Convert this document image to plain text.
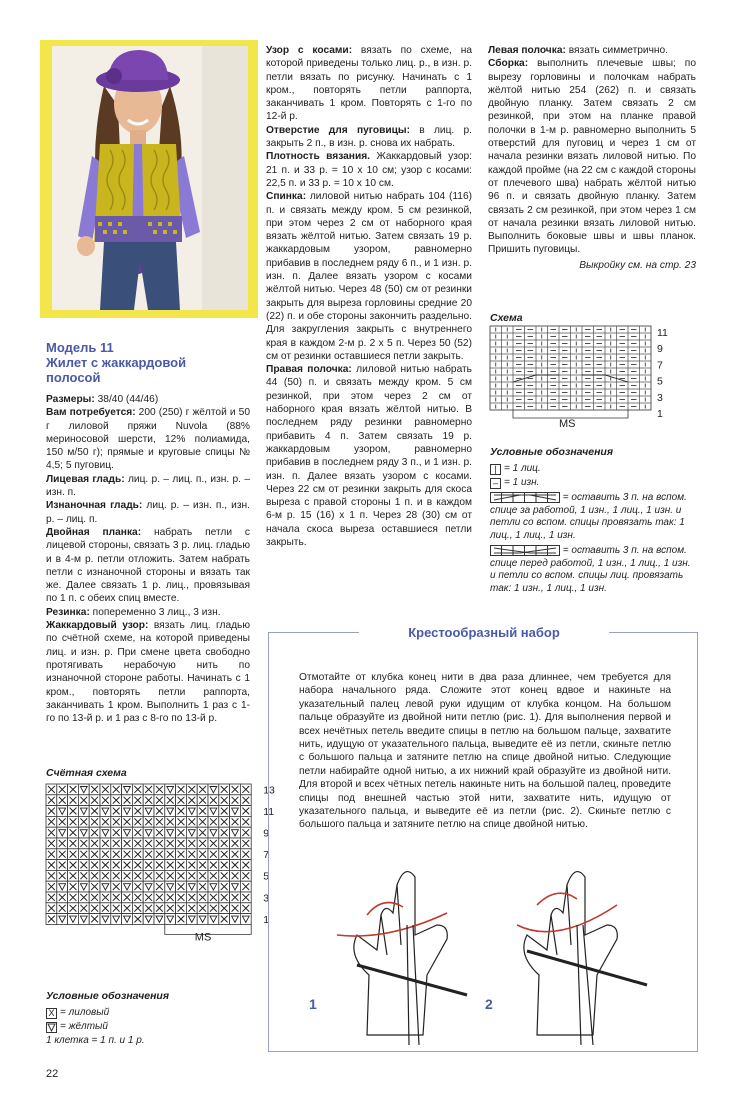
Модель 11
Жилет с жаккардовой
полосой

Размеры: 38/40 (44/46)

Вам потребуется: 200 (250) г жёлтой и 50 г лиловой пряжи Nuvola (88% мериносовой шерсти, 12% полиамида, 150 м/50 г); прямые и круговые спицы № 4,5; 5 пуговиц.

Лицевая гладь: лиц. р. – лиц. п., изн. р. – изн. п.

Изнаночная гладь: лиц. р. – изн. п., изн. р. – лиц. п.

Двойная планка: набрать петли с лицевой стороны, связать 3 р. лиц. гладью и в 4-м р. петли отложить. Затем набрать петли с изнаночной стороны и вязать так же. Далее связать 1 р. лиц., провязывая по 1 п. с обеих спиц вместе.

Резинка: попеременно 3 лиц., 3 изн.

Жаккардовый узор: вязать лиц. гладью по счётной схеме, на которой приведены лиц. и изн. р. При смене цвета свободно протягивать нерабочую нить по изнаночной стороне работы. Начинать с 1 кром., повторять петли раппорта, заканчивать 1 кром. Выполнить 1 раз с 1-го по 13-й р. и 1 раз с 8-го по 13-й р.

Счётная схема
13
11
9
7
5
3
1
MS
Условные обозначения
X = лиловый
= жёлтый
1 клетка = 1 п. и 1 р.
22

Узор с косами: вязать по схеме, на которой приведены только лиц. р., в изн. р. петли вязать по рисунку. Начинать с 1 кром., повторять петли раппорта, заканчивать 1 кром. Повторять с 1-го по 12-й р.

Отверстие для пуговицы: в лиц. р. закрыть 2 п., в изн. р. снова их набрать.

Плотность вязания. Жаккардовый узор: 21 п. и 33 р. = 10 х 10 см; узор с косами: 22,5 п. и 33 р. = 10 х 10 см.

Спинка: лиловой нитью набрать 104 (116) п. и связать между кром. 5 см резинкой, при этом через 2 см от наборного края вязать жёлтой нитью. Затем связать 19 р. жаккардовым узором, равномерно прибавив в последнем ряду 6 п., и 1 изн. р. изн. п. Далее вязать узором с косами жёлтой нитью. Через 48 (50) см от резинки закрыть для выреза горловины средние 20 (22) п. и обе стороны закончить раздельно. Для закругления закрыть с внутреннего края в каждом 2-м р. 2 х 5 п. Через 50 (52) см от резинки оставшиеся петли закрыть.

Правая полочка: лиловой нитью набрать 44 (50) п. и связать между кром. 5 см резинкой, при этом через 2 см от наборного края вязать жёлтой нитью. В последнем ряду резинки равномерно прибавить 4 п. Затем связать 19 р. жаккардовым узором, равномерно прибавив в последнем ряду 3 п., и 1 изн. р. изн. п. Далее вязать узором с косами. Через 22 см от резинки закрыть для скоса выреза с правой стороны 1 п. и в каждом 6-м р. 15 (16) х 1 п. Через 28 (30) см от начала скоса выреза оставшиеся петли закрыть.

Левая полочка: вязать симметрично.

Сборка: выполнить плечевые швы; по вырезу горловины и полочкам набрать жёлтой нитью 254 (262) п. и связать двойную планку. Затем связать 2 см резинкой, при этом на планке правой полочки в 1-м р. равномерно выполнить 5 отверстий для пуговиц и через 1 см от начала резинки вязать лиловой нитью. По каждой пройме (на 22 см с каждой стороны от плечевого шва) набрать жёлтой нитью 96 п. и связать двойную планку. Затем связать 2 см резинкой, при этом через 1 см от начала резинки вязать лиловой нитью. Выполнить боковые швы и швы планок. Пришить пуговицы.

Выкройку см. на стр. 23

Схема
11
9
7
5
3
1
MS
Условные обозначения
| = 1 лиц.
– = 1 изн.
= оставить 3 п. на вспом. спице за работой, 1 изн., 1 лиц., 1 изн. и петли со вспом. спицы провязать так: 1 лиц., 1 лиц., 1 изн.
= оставить 3 п. на вспом. спице перед работой, 1 изн., 1 лиц., 1 изн. и петли со вспом. спицы лиц. провязать так: 1 изн., 1 лиц., 1 изн.
Крестообразный набор
Отмотайте от клубка конец нити в два раза длиннее, чем требуется для набора начального ряда. Сложите этот конец вдвое и накиньте на указательный палец левой руки идущим от клубка концом. На большом пальце образуйте из двойной нити петлю (рис. 1). Для выполнения первой и всех нечётных петель введите спицы в петлю на большом пальце, захватите нить, идущую от указательного пальца, выведите её из петли, скиньте петлю с большого пальца и затяните петлю на спице двойной нитью. Следующие петли набирайте одной нитью, а их нижний край образуйте из двойной нити. Для второй и всех чётных петель накиньте нить на большой палец, проведите спицы под внешней частью этой нити, захватите нить, идущую от указательного пальца, и выведите её из петли (рис. 2). Скиньте петлю с большого пальца и затяните петлю на спице двойной нитью.
1	2
